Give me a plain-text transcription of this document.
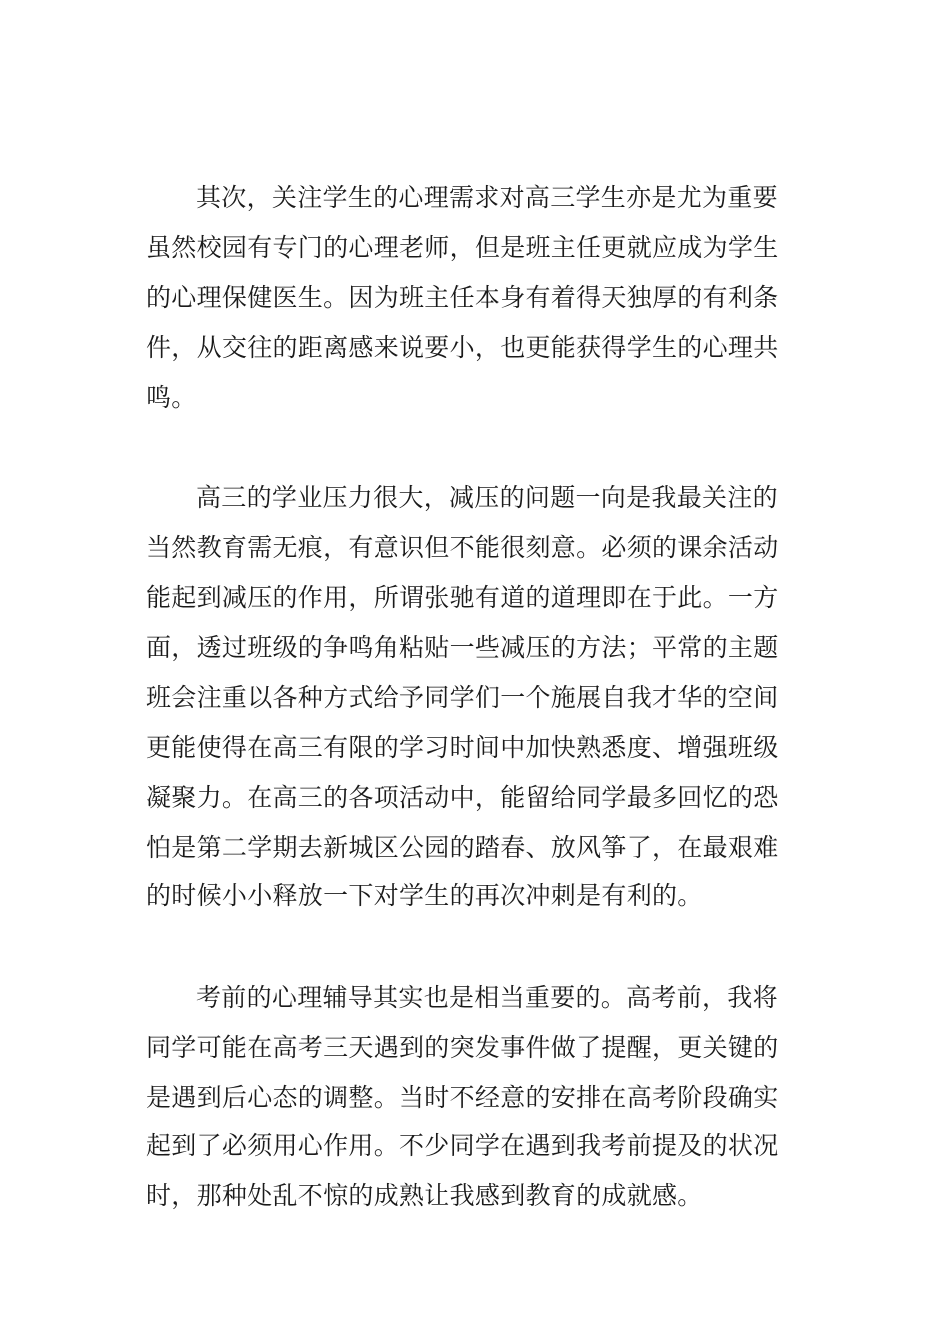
其次，关注学生的心理需求对高三学生亦是尤为重要

虽然校园有专门的心理老师，但是班主任更就应成为学生

的心理保健医生。因为班主任本身有着得天独厚的有利条

件，从交往的距离感来说要小，也更能获得学生的心理共

鸣。

高三的学业压力很大，减压的问题一向是我最关注的

当然教育需无痕，有意识但不能很刻意。必须的课余活动

能起到减压的作用，所谓张驰有道的道理即在于此。一方

面，透过班级的争鸣角粘贴一些减压的方法；平常的主题

班会注重以各种方式给予同学们一个施展自我才华的空间

更能使得在高三有限的学习时间中加快熟悉度、增强班级

凝聚力。在高三的各项活动中，能留给同学最多回忆的恐

怕是第二学期去新城区公园的踏春、放风筝了，在最艰难

的时候小小释放一下对学生的再次冲刺是有利的。

考前的心理辅导其实也是相当重要的。高考前，我将

同学可能在高考三天遇到的突发事件做了提醒，更关键的

是遇到后心态的调整。当时不经意的安排在高考阶段确实

起到了必须用心作用。不少同学在遇到我考前提及的状况

时，那种处乱不惊的成熟让我感到教育的成就感。
